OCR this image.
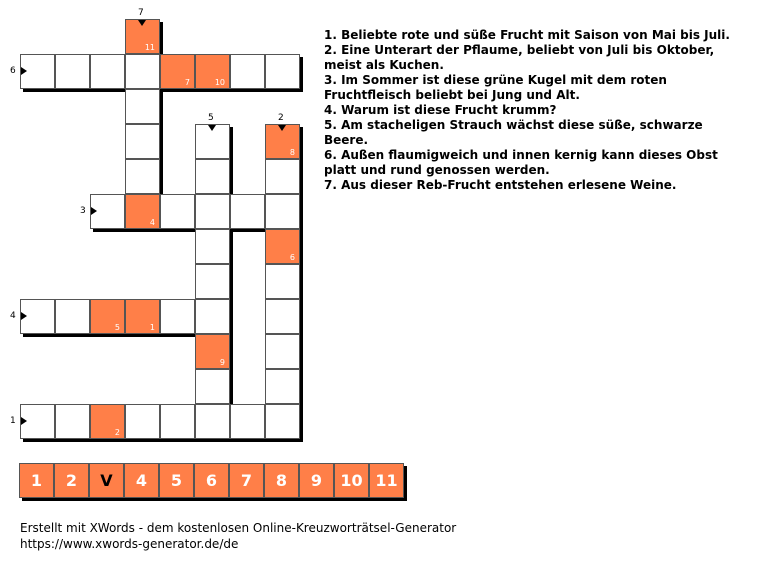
11
7	10
8
4
6
5	1
9
2
1
2
3
4
5
6
7
1. Beliebte rote und süße Frucht mit Saison von Mai bis Juli.
2. Eine Unterart der Pflaume, beliebt von Juli bis Oktober, meist als Kuchen.
3. Im Sommer ist diese grüne Kugel mit dem roten Fruchtfleisch beliebt bei Jung und Alt.
4. Warum ist diese Frucht krumm?
5. Am stacheligen Strauch wächst diese süße, schwarze Beere.
6. Außen flaumigweich und innen kernig kann dieses Obst platt und rund genossen werden.
7. Aus dieser Reb-Frucht entstehen erlesene Weine.
1	2	V	4	5	6	7	8	9	10 11
Erstellt mit XWords - dem kostenlosen Online-Kreuzworträtsel-Generator
https://www.xwords-generator.de/de
